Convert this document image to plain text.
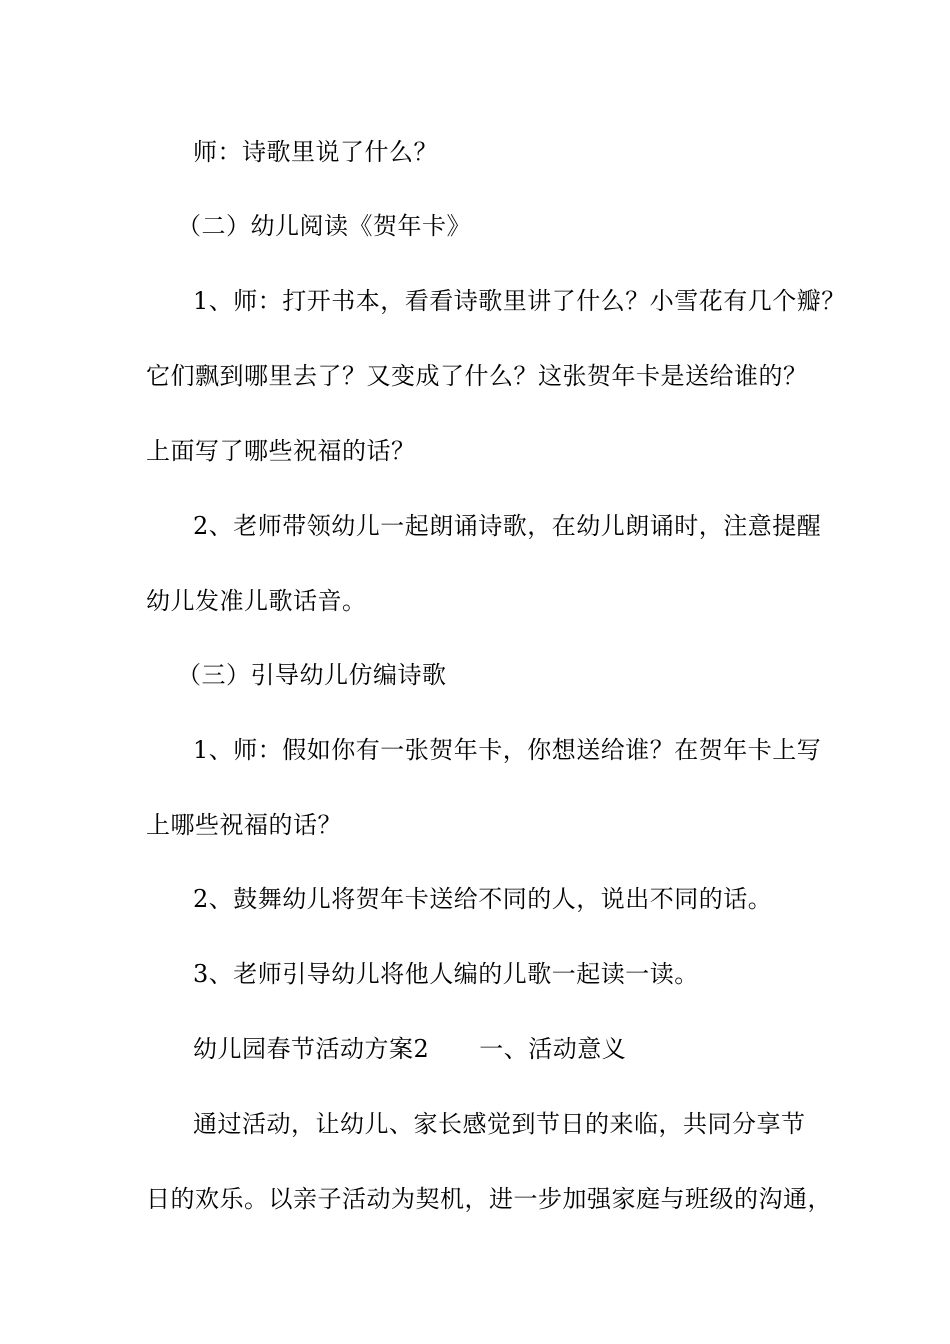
师：诗歌里说了什么？
（二）幼儿阅读《贺年卡》
1、师：打开书本，看看诗歌里讲了什么？小雪花有几个瓣？
它们飘到哪里去了？又变成了什么？这张贺年卡是送给谁的？
上面写了哪些祝福的话？
2、老师带领幼儿一起朗诵诗歌，在幼儿朗诵时，注意提醒
幼儿发准儿歌话音。
（三）引导幼儿仿编诗歌
1、师：假如你有一张贺年卡，你想送给谁？在贺年卡上写
上哪些祝福的话？
2、鼓舞幼儿将贺年卡送给不同的人，说出不同的话。
3、老师引导幼儿将他人编的儿歌一起读一读。
幼儿园春节活动方案2 一、活动意义
通过活动，让幼儿、家长感觉到节日的来临，共同分享节
日的欢乐。以亲子活动为契机，进一步加强家庭与班级的沟通，
